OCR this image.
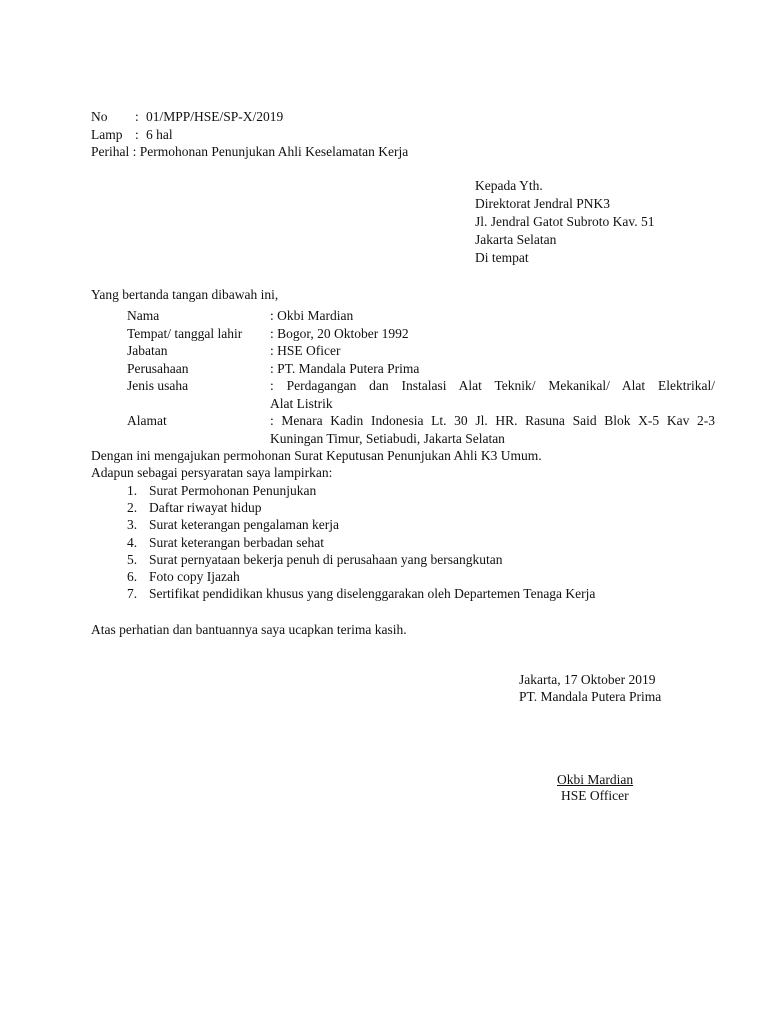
No : 01/MPP/HSE/SP-X/2019
Lamp : 6 hal
Perihal : Permohonan Penunjukan Ahli Keselamatan Kerja
Kepada Yth.
Direktorat Jendral PNK3
Jl. Jendral Gatot Subroto Kav. 51
Jakarta Selatan
Di tempat
Yang bertanda tangan dibawah ini,
Nama	: Okbi Mardian
Tempat/ tanggal lahir : Bogor, 20 Oktober 1992
Jabatan	: HSE Oficer
Perusahaan	: PT. Mandala Putera Prima
Jenis usaha	: Perdagangan dan Instalasi Alat Teknik/ Mekanikal/ Alat Elektrikal/
Alat Listrik
Alamat	: Menara Kadin Indonesia Lt. 30 Jl. HR. Rasuna Said Blok X-5 Kav 2-3
Kuningan Timur, Setiabudi, Jakarta Selatan
Dengan ini mengajukan permohonan Surat Keputusan Penunjukan Ahli K3 Umum.
Adapun sebagai persyaratan saya lampirkan:
1. Surat Permohonan Penunjukan
2. Daftar riwayat hidup
3. Surat keterangan pengalaman kerja
4. Surat keterangan berbadan sehat
5. Surat pernyataan bekerja penuh di perusahaan yang bersangkutan
6. Foto copy Ijazah
7. Sertifikat pendidikan khusus yang diselenggarakan oleh Departemen Tenaga Kerja
Atas perhatian dan bantuannya saya ucapkan terima kasih.
Jakarta, 17 Oktober 2019
PT. Mandala Putera Prima
Okbi Mardian
HSE Officer
